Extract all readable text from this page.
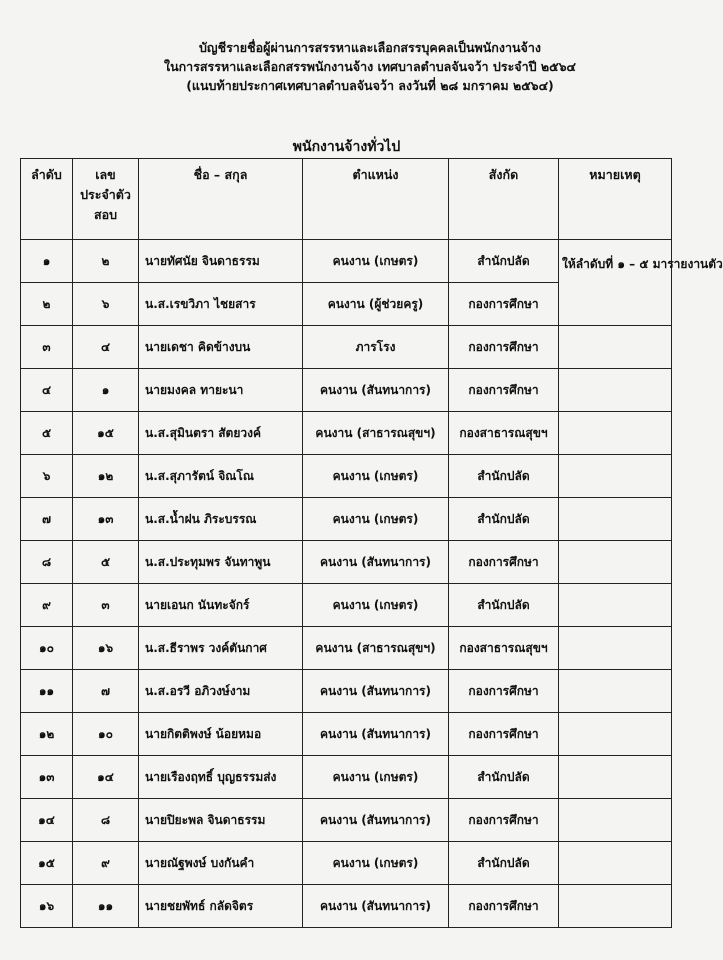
บัญชีรายชื่อผู้ผ่านการสรรหาและเลือกสรรบุคคลเป็นพนักงานจ้าง
ในการสรรหาและเลือกสรรพนักงานจ้าง เทศบาลตำบลจันจว้า ประจำปี ๒๕๖๔
(แนบท้ายประกาศเทศบาลตำบลจันจว้า ลงวันที่ ๒๘ มกราคม ๒๕๖๔)
พนักงานจ้างทั่วไป
ลำดับ	เลข ประจำตัว สอบ	ชื่อ – สกุล	ตำแหน่ง	สังกัด	หมายเหตุ
๑	๒	นายทัศนัย จินดาธรรม	คนงาน (เกษตร)	สำนักปลัด	ให้ลำดับที่ ๑ – ๕ มารายงานตัว
๒	๖	น.ส.เรขวิภา ไชยสาร	คนงาน (ผู้ช่วยครู)	กองการศึกษา	
๓	๔	นายเดชา คิดข้างบน	ภารโรง	กองการศึกษา	
๔	๑	นายมงคล ทายะนา	คนงาน (สันทนาการ)	กองการศึกษา	
๕	๑๕	น.ส.สุมินตรา สัตยวงค์	คนงาน (สาธารณสุขฯ)	กองสาธารณสุขฯ	
๖	๑๒	น.ส.สุภารัตน์ จิณโณ	คนงาน (เกษตร)	สำนักปลัด	
๗	๑๓	น.ส.น้ำฝน ภิระบรรณ	คนงาน (เกษตร)	สำนักปลัด	
๘	๕	น.ส.ประทุมพร จันทาพูน	คนงาน (สันทนาการ)	กองการศึกษา	
๙	๓	นายเอนก นันทะจักร์	คนงาน (เกษตร)	สำนักปลัด	
๑๐	๑๖	น.ส.ธีราพร วงค์ตันกาศ	คนงาน (สาธารณสุขฯ)	กองสาธารณสุขฯ	
๑๑	๗	น.ส.อรวี อภิวงษ์งาม	คนงาน (สันทนาการ)	กองการศึกษา	
๑๒	๑๐	นายกิตติพงษ์ น้อยหมอ	คนงาน (สันทนาการ)	กองการศึกษา	
๑๓	๑๔	นายเรืองฤทธิ์ บุญธรรมส่ง	คนงาน (เกษตร)	สำนักปลัด	
๑๔	๘	นายปิยะพล จินดาธรรม	คนงาน (สันทนาการ)	กองการศึกษา	
๑๕	๙	นายณัฐพงษ์ บงกันคำ	คนงาน (เกษตร)	สำนักปลัด	
๑๖	๑๑	นายชยพัทธ์ กลัดจิตร	คนงาน (สันทนาการ)	กองการศึกษา	
